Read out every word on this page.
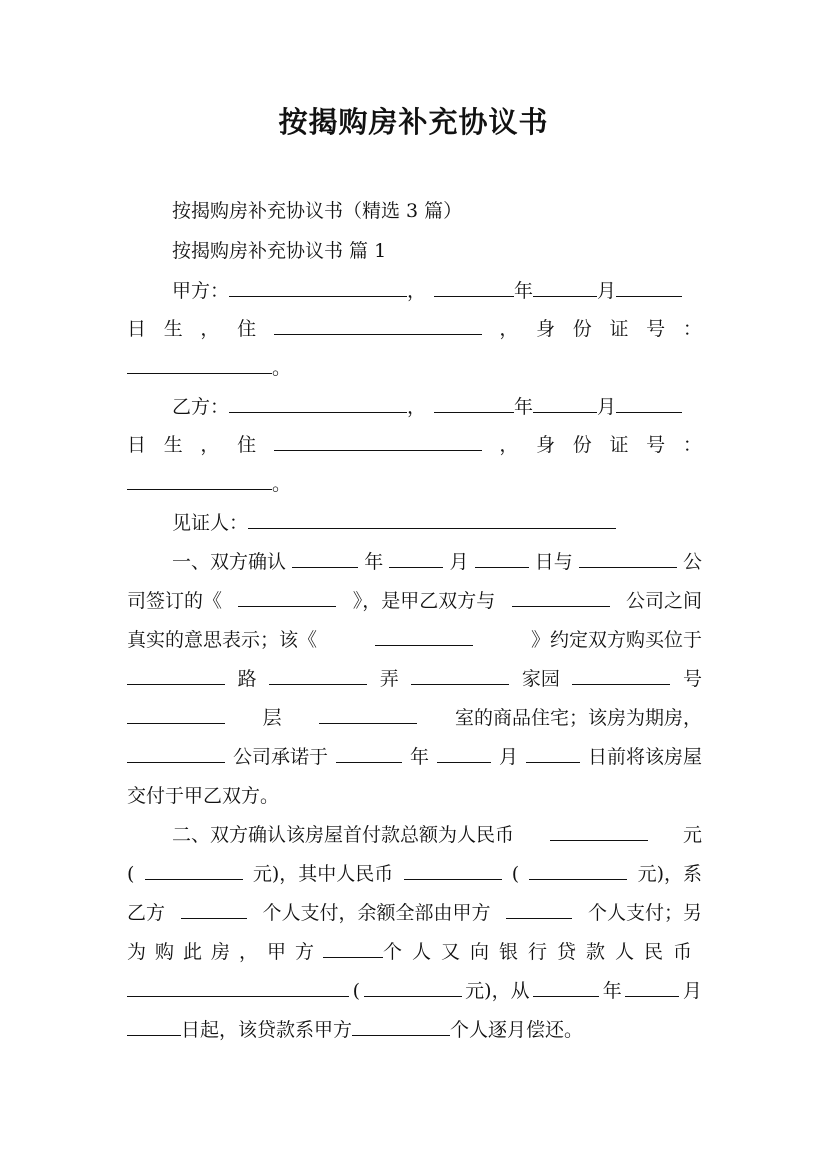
按揭购房补充协议书
按揭购房补充协议书（精选 3 篇）
按揭购房补充协议书 篇 1
甲方：	，	年	月
日 生 ， 住	， 身 份 证 号 ：
。
乙方：	，	年	月
日 生 ， 住	， 身 份 证 号 ：
。
见证人：
一、双方确认	年	月	日与	公
司签订的《	》，是甲乙双方与	公司之间
真实的意思表示；该《	》约定双方购买位于
路	弄	家园	号
层	室的商品住宅；该房为期房，
公司承诺于	年	月	日前将该房屋
交付于甲乙双方。
二、双方确认该房屋首付款总额为人民币	元
(	元)，其中人民币	(	元)，系
乙方	个人支付，余额全部由甲方	个人支付；另
为购此房，甲方	个人又向银行贷款人民币
(	元)，从	年	月
日起，该贷款系甲方	个人逐月偿还。
